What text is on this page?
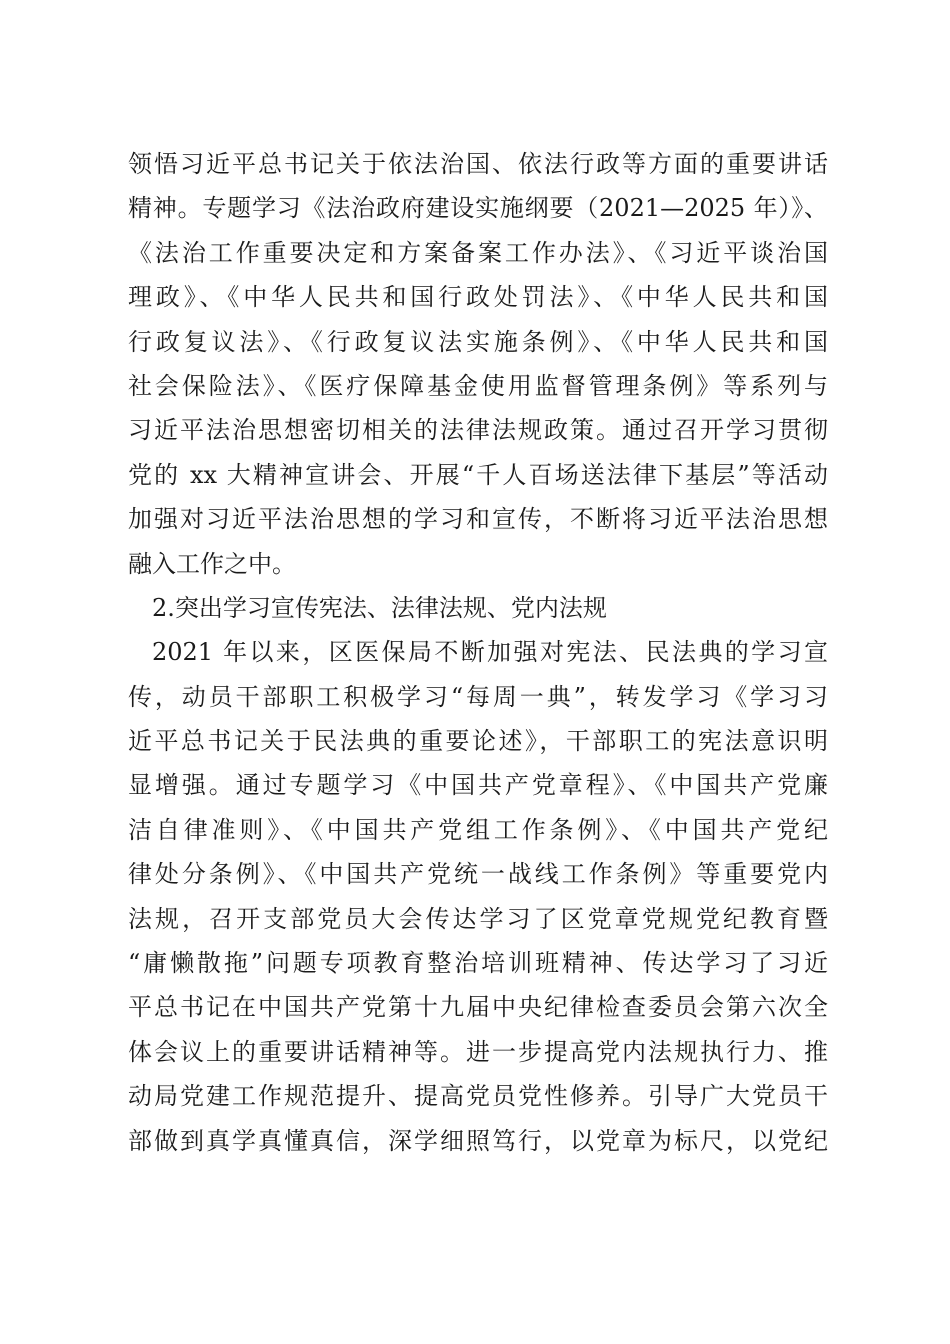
领悟习近平总书记关于依法治国、依法行政等方面的重要讲话
精神。专题学习《法治政府建设实施纲要（2021—2025 年）》、
《法治工作重要决定和方案备案工作办法》、《习近平谈治国
理政》、《中华人民共和国行政处罚法》、《中华人民共和国
行政复议法》、《行政复议法实施条例》、《中华人民共和国
社会保险法》、《医疗保障基金使用监督管理条例》等系列与
习近平法治思想密切相关的法律法规政策。通过召开学习贯彻
党的 xx 大精神宣讲会、开展“千人百场送法律下基层”等活动
加强对习近平法治思想的学习和宣传，不断将习近平法治思想
融入工作之中。
2.突出学习宣传宪法、法律法规、党内法规
2021 年以来，区医保局不断加强对宪法、民法典的学习宣
传，动员干部职工积极学习“每周一典”，转发学习《学习习
近平总书记关于民法典的重要论述》，干部职工的宪法意识明
显增强。通过专题学习《中国共产党章程》、《中国共产党廉
洁自律准则》、《中国共产党组工作条例》、《中国共产党纪
律处分条例》、《中国共产党统一战线工作条例》等重要党内
法规，召开支部党员大会传达学习了区党章党规党纪教育暨
“庸懒散拖”问题专项教育整治培训班精神、传达学习了习近
平总书记在中国共产党第十九届中央纪律检查委员会第六次全
体会议上的重要讲话精神等。进一步提高党内法规执行力、推
动局党建工作规范提升、提高党员党性修养。引导广大党员干
部做到真学真懂真信，深学细照笃行，以党章为标尺，以党纪
